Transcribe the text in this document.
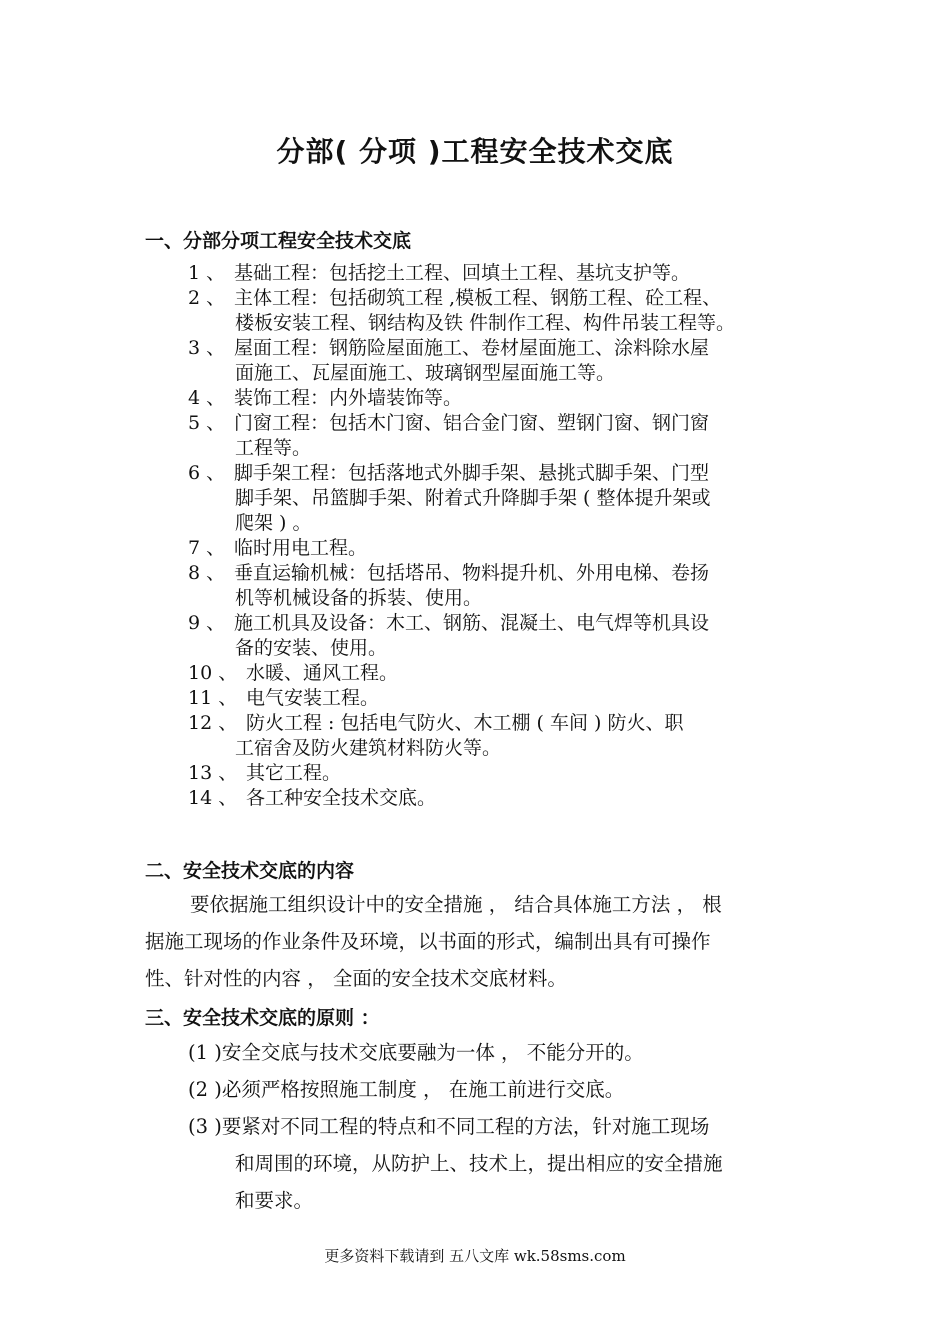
分部( 分项 )工程安全技术交底
一、分部分项工程安全技术交底
1 、 基础工程：包括挖土工程、回填土工程、基坑支护等。
2 、 主体工程：包括砌筑工程 ,模板工程、钢筋工程、砼工程、
楼板安装工程、钢结构及铁 件制作工程、构件吊装工程等。
3 、 屋面工程：钢筋险屋面施工、卷材屋面施工、涂料除水屋
面施工、瓦屋面施工、玻璃钢型屋面施工等。
4 、 装饰工程：内外墙装饰等。
5 、 门窗工程：包括木门窗、铝合金门窗、塑钢门窗、钢门窗
工程等。
6 、 脚手架工程：包括落地式外脚手架、悬挑式脚手架、门型
脚手架、吊篮脚手架、附着式升降脚手架 ( 整体提升架或
爬架 ) 。
7 、 临时用电工程。
8 、 垂直运输机械：包括塔吊、物料提升机、外用电梯、卷扬
机等机械设备的拆装、使用。
9 、 施工机具及设备：木工、钢筋、混凝土、电气焊等机具设
备的安装、使用。
10 、 水暖、通风工程。
11 、 电气安装工程。
12 、 防火工程 : 包括电气防火、木工棚 ( 车间 ) 防火、职
工宿舍及防火建筑材料防火等。
13 、 其它工程。
14 、 各工种安全技术交底。
二、安全技术交底的内容
要依据施工组织设计中的安全措施 ， 结合具体施工方法 ， 根
据施工现场的作业条件及环境，以书面的形式，编制出具有可操作
性、针对性的内容 ， 全面的安全技术交底材料。
三、安全技术交底的原则 ：
(1 )安全交底与技术交底要融为一体 ， 不能分开的。
(2 )必须严格按照施工制度 ， 在施工前进行交底。
(3 )要紧对不同工程的特点和不同工程的方法，针对施工现场
和周围的环境，从防护上、技术上，提出相应的安全措施
和要求。
更多资料下载请到 五八文库 wk.58sms.com
